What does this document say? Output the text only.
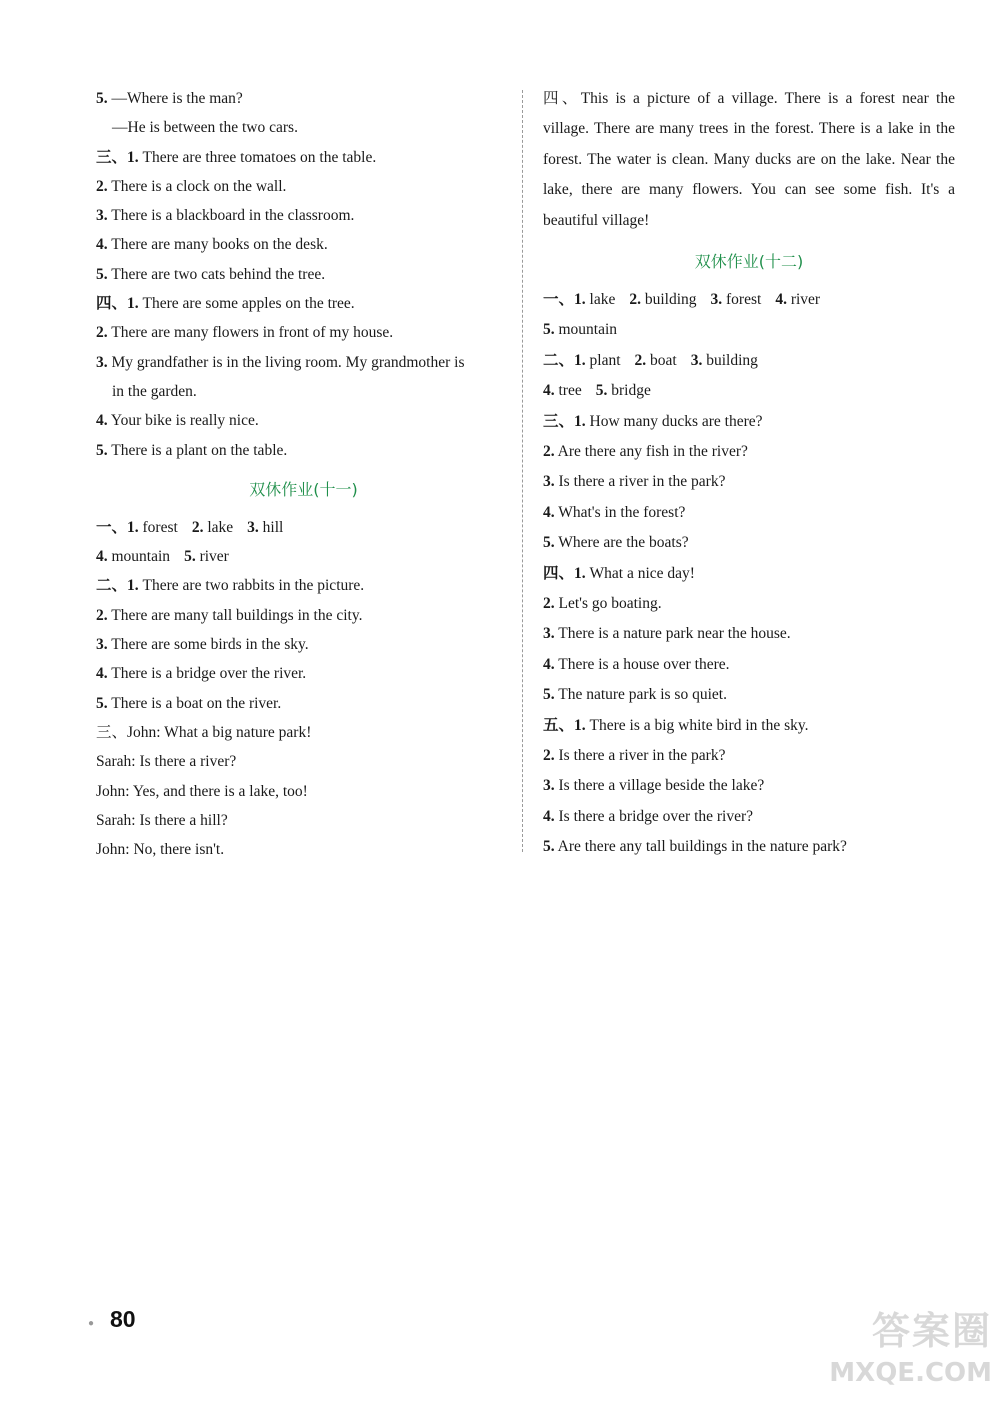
5. —Where is the man?
—He is between the two cars.
三、1. There are three tomatoes on the table.
2. There is a clock on the wall.
3. There is a blackboard in the classroom.
4. There are many books on the desk.
5. There are two cats behind the tree.
四、1. There are some apples on the tree.
2. There are many flowers in front of my house.
3. My grandfather is in the living room. My grandmother is
in the garden.
4. Your bike is really nice.
5. There is a plant on the table.
双休作业(十一)
一、1. forest 2. lake 3. hill
4. mountain 5. river
二、1. There are two rabbits in the picture.
2. There are many tall buildings in the city.
3. There are some birds in the sky.
4. There is a bridge over the river.
5. There is a boat on the river.
三、John: What a big nature park!
Sarah: Is there a river?
John: Yes, and there is a lake, too!
Sarah: Is there a hill?
John: No, there isn't.
四、This is a picture of a village. There is a forest near the village. There are many trees in the forest. There is a lake in the forest. The water is clean. Many ducks are on the lake. Near the lake, there are many flowers. You can see some fish. It's a beautiful village!
双休作业(十二)
一、1. lake 2. building 3. forest 4. river
5. mountain
二、1. plant 2. boat 3. building
4. tree 5. bridge
三、1. How many ducks are there?
2. Are there any fish in the river?
3. Is there a river in the park?
4. What's in the forest?
5. Where are the boats?
四、1. What a nice day!
2. Let's go boating.
3. There is a nature park near the house.
4. There is a house over there.
5. The nature park is so quiet.
五、1. There is a big white bird in the sky.
2. Is there a river in the park?
3. Is there a village beside the lake?
4. Is there a bridge over the river?
5. Are there any tall buildings in the nature park?
● 80	答案圈
MXQE.COM
